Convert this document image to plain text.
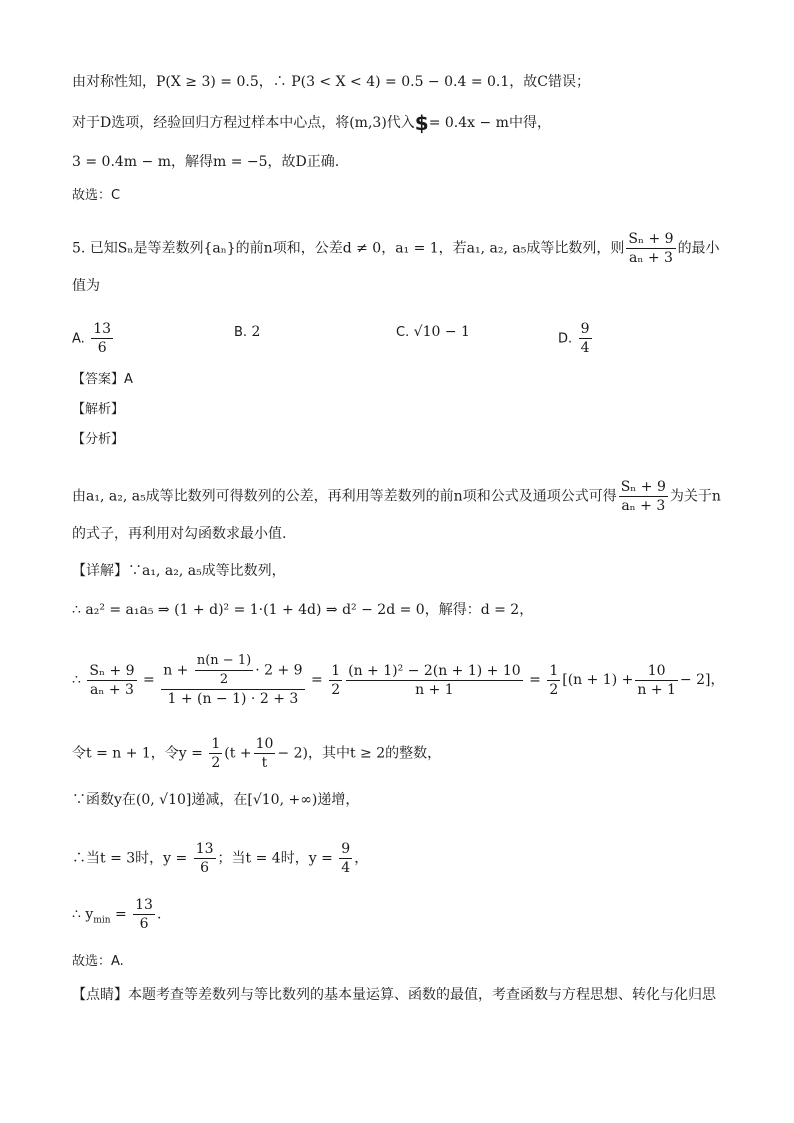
由对称性知，P(X ≥ 3) = 0.5，∴ P(3 < X < 4) = 0.5 − 0.4 = 0.1，故C错误；
对于D选项，经验回归方程过样本中心点，将(m,3)代入$= 0.4x − m中得，
3 = 0.4m − m，解得m = −5，故D正确.
故选：C
5. 已知Sₙ是等差数列{aₙ}的前n项和，公差d ≠ 0，a₁ = 1，若a₁, a₂, a₅成等比数列，则 $\frac{\text{Sₙ + 9}}{\text{aₙ + 3}}$ 的最小
值为
A. $\frac{13}{6}$	B. 2	C. √10 − 1	D. $\frac{9}{4}$
【答案】A
【解析】
【分析】
由a₁, a₂, a₅成等比数列可得数列的公差，再利用等差数列的前n项和公式及通项公式可得 $\frac{\text{Sₙ + 9}}{\text{aₙ + 3}}$ 为关于n
的式子，再利用对勾函数求最小值.
【详解】∵a₁, a₂, a₅成等比数列，
∴ a₂² = a₁a₅ ⇒ (1 + d)² = 1·(1 + 4d) ⇒ d² − 2d = 0，解得：d = 2，
∴ $\frac{\text{Sₙ + 9}}{\text{aₙ + 3}} = \frac{n + \frac{n(n - 1)}{2} \cdot 2 + 9}{1 + (n - 1) \cdot 2 + 3} = \frac{1}{2} \frac{\text{(n + 1)² − 2(n + 1) + 10}}{n + 1} = \frac{1}{2} [(n + 1) + \frac{10}{n + 1} - 2]$，
令t = n + 1，令$y = \frac{1}{2} (t + \frac{10}{t} - 2)$，其中t ≥ 2的整数，
∵函数y在(0, √10]递减，在[√10, +∞)递增，
∴当t = 3时，$y = \frac{13}{6}$ ；当t = 4时，$y = \frac{9}{4}$ ，
∴ $y_{min} = \frac{13}{6}$ .
故选：A.
【点睛】本题考查等差数列与等比数列的基本量运算、函数的最值，考查函数与方程思想、转化与化归思
